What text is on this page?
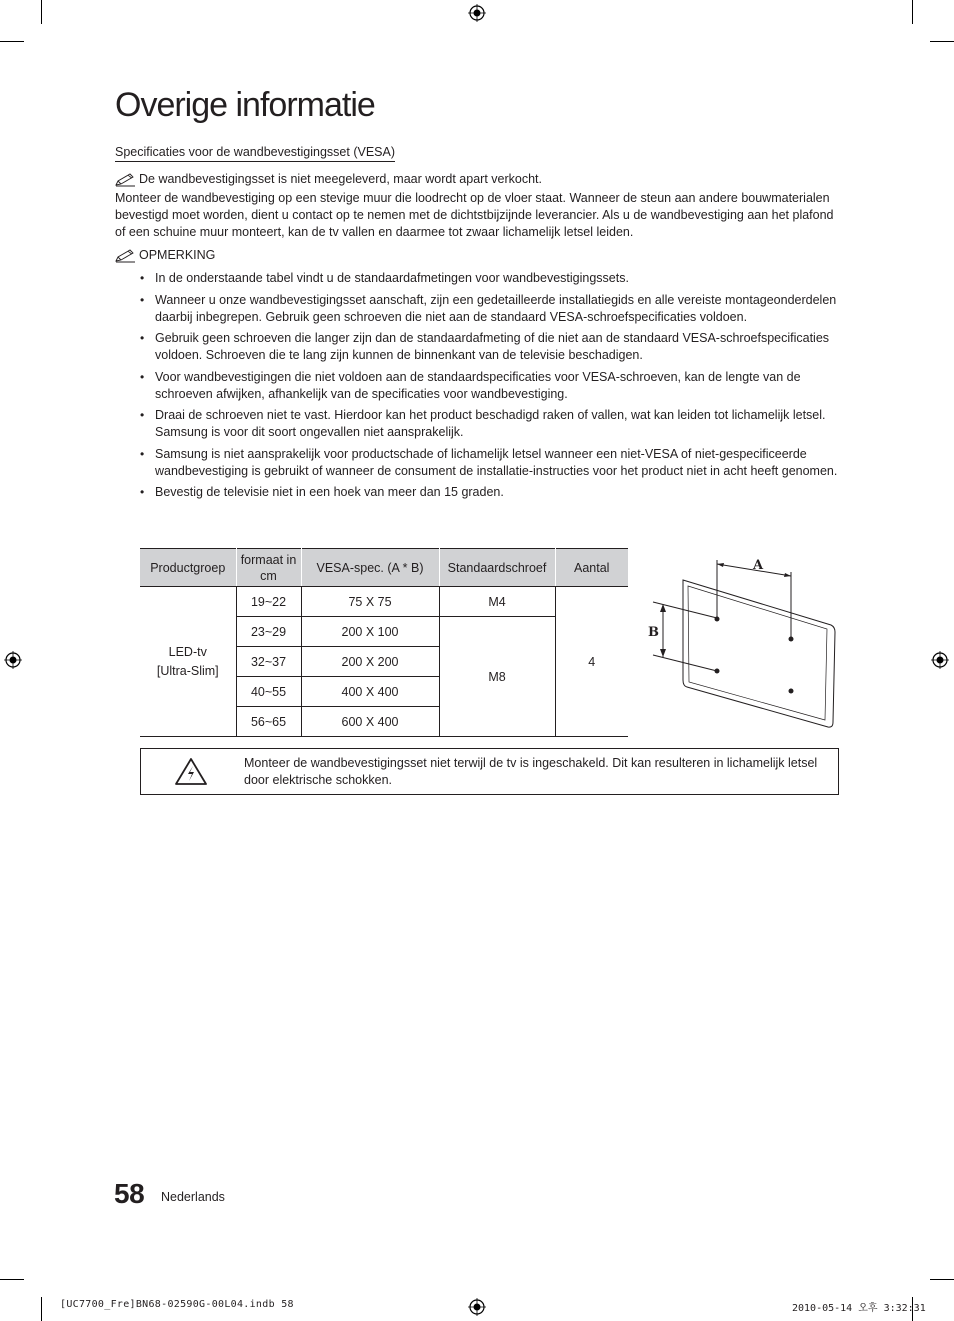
Overige informatie
Specificaties voor de wandbevestigingsset (VESA)
De wandbevestigingsset is niet meegeleverd, maar wordt apart verkocht.

Monteer de wandbevestiging op een stevige muur die loodrecht op de vloer staat. Wanneer de steun aan andere bouwmaterialen bevestigd moet worden, dient u contact op te nemen met de dichtstbijzijnde leverancier. Als u de wandbevestiging aan het plafond of een schuine muur monteert, kan de tv vallen en daarmee tot zwaar lichamelijk letsel leiden.

OPMERKING
• In de onderstaande tabel vindt u de standaardafmetingen voor wandbevestigingssets.
• Wanneer u onze wandbevestigingsset aanschaft, zijn een gedetailleerde installatiegids en alle vereiste montageonderdelen daarbij inbegrepen. Gebruik geen schroeven die niet aan de standaard VESA-schroefspecificaties voldoen.
• Gebruik geen schroeven die langer zijn dan de standaardafmeting of die niet aan de standaard VESA-schroefspecificaties voldoen. Schroeven die te lang zijn kunnen de binnenkant van de televisie beschadigen.
• Voor wandbevestigingen die niet voldoen aan de standaardspecificaties voor VESA-schroeven, kan de lengte van de schroeven afwijken, afhankelijk van de specificaties voor wandbevestiging.
• Draai de schroeven niet te vast. Hierdoor kan het product beschadigd raken of vallen, wat kan leiden tot lichamelijk letsel. Samsung is voor dit soort ongevallen niet aansprakelijk.
• Samsung is niet aansprakelijk voor productschade of lichamelijk letsel wanneer een niet-VESA of niet-gespecificeerde wandbevestiging is gebruikt of wanneer de consument de installatie-instructies voor het product niet in acht heeft genomen.
• Bevestig de televisie niet in een hoek van meer dan 15 graden.
Productgroep	formaat in cm	VESA-spec. (A * B)	Standaardschroef	Aantal

LED-tv
[Ultra-Slim]	19~22	75 X 75	M4	4
	23~29	200 X 100	M8	
	32~37	200 X 200		
	40~55	400 X 400		
	56~65	600 X 400		
A
B
Monteer de wandbevestigingsset niet terwijl de tv is ingeschakeld. Dit kan resulteren in lichamelijk letsel door elektrische schokken.
58 Nederlands
[UC7700_Fre]BN68-02590G-00L04.indb 58	2010-05-14 오후 3:32:31
